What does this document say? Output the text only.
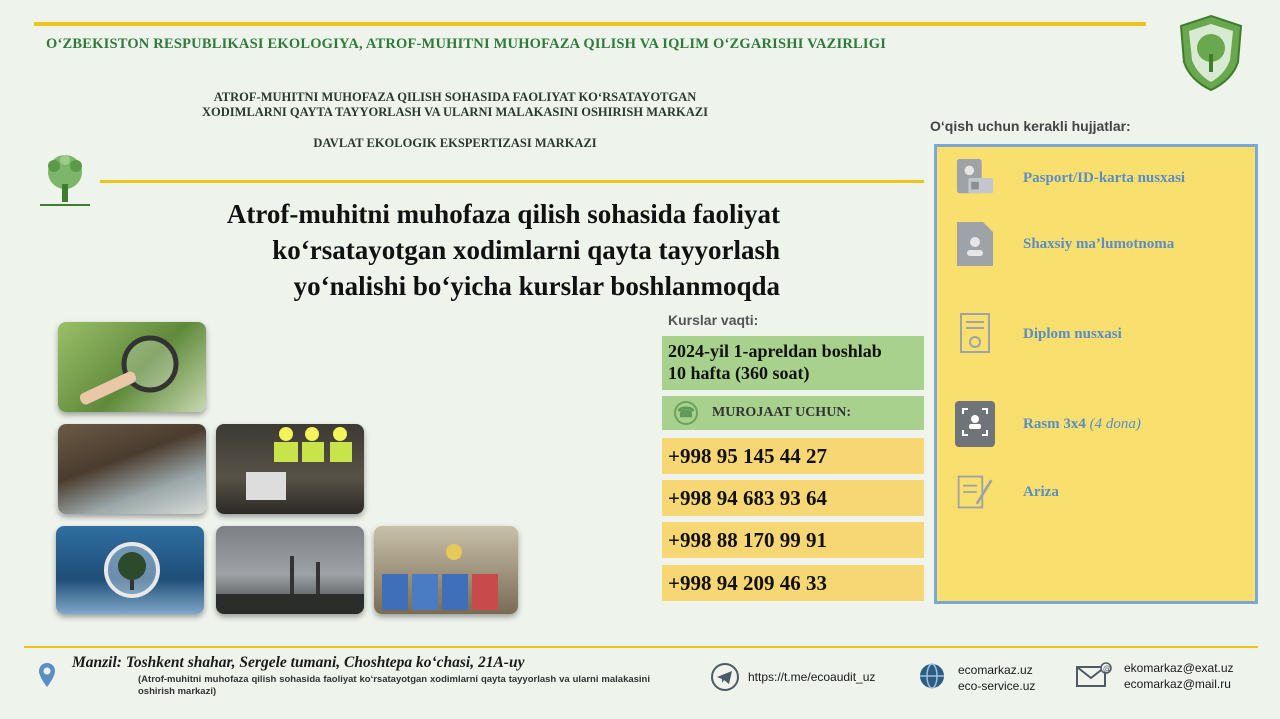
O‘ZBEKISTON RESPUBLIKASI EKOLOGIYA, ATROF-MUHITNI MUHOFAZA QILISH VA IQLIM O‘ZGARISHI VAZIRLIGI
ATROF-MUHITNI MUHOFAZA QILISH SOHASIDA FAOLIYAT KO‘RSATAYOTGAN
XODIMLARNI QAYTA TAYYORLASH VA ULARNI MALAKASINI OSHIRISH MARKAZI
DAVLAT EKOLOGIK EKSPERTIZASI MARKAZI
Atrof-muhitni muhofaza qilish sohasida faoliyat
ko‘rsatayotgan xodimlarni qayta tayyorlash
yo‘nalishi bo‘yicha kurslar boshlanmoqda
Kurslar vaqti:
2024-yil 1-apreldan boshlab
10 hafta (360 soat)
☎ MUROJAAT UCHUN:
+998 95 145 44 27
+998 94 683 93 64
+998 88 170 99 91
+998 94 209 46 33
O‘qish uchun kerakli hujjatlar:
Pasport/ID-karta nusxasi
Shaxsiy ma’lumotnoma
Diplom nusxasi
Rasm 3x4 (4 dona)
Ariza
Manzil: Toshkent shahar, Sergele tumani, Choshtepa ko‘chasi, 21A-uy
(Atrof-muhitni muhofaza qilish sohasida faoliyat ko‘rsatayotgan xodimlarni qayta tayyorlash va ularni malakasini oshirish markazi)
https://t.me/ecoaudit_uz	ecomarkaz.uz
eco-service.uz
@ ekomarkaz@exat.uz
ecomarkaz@mail.ru
